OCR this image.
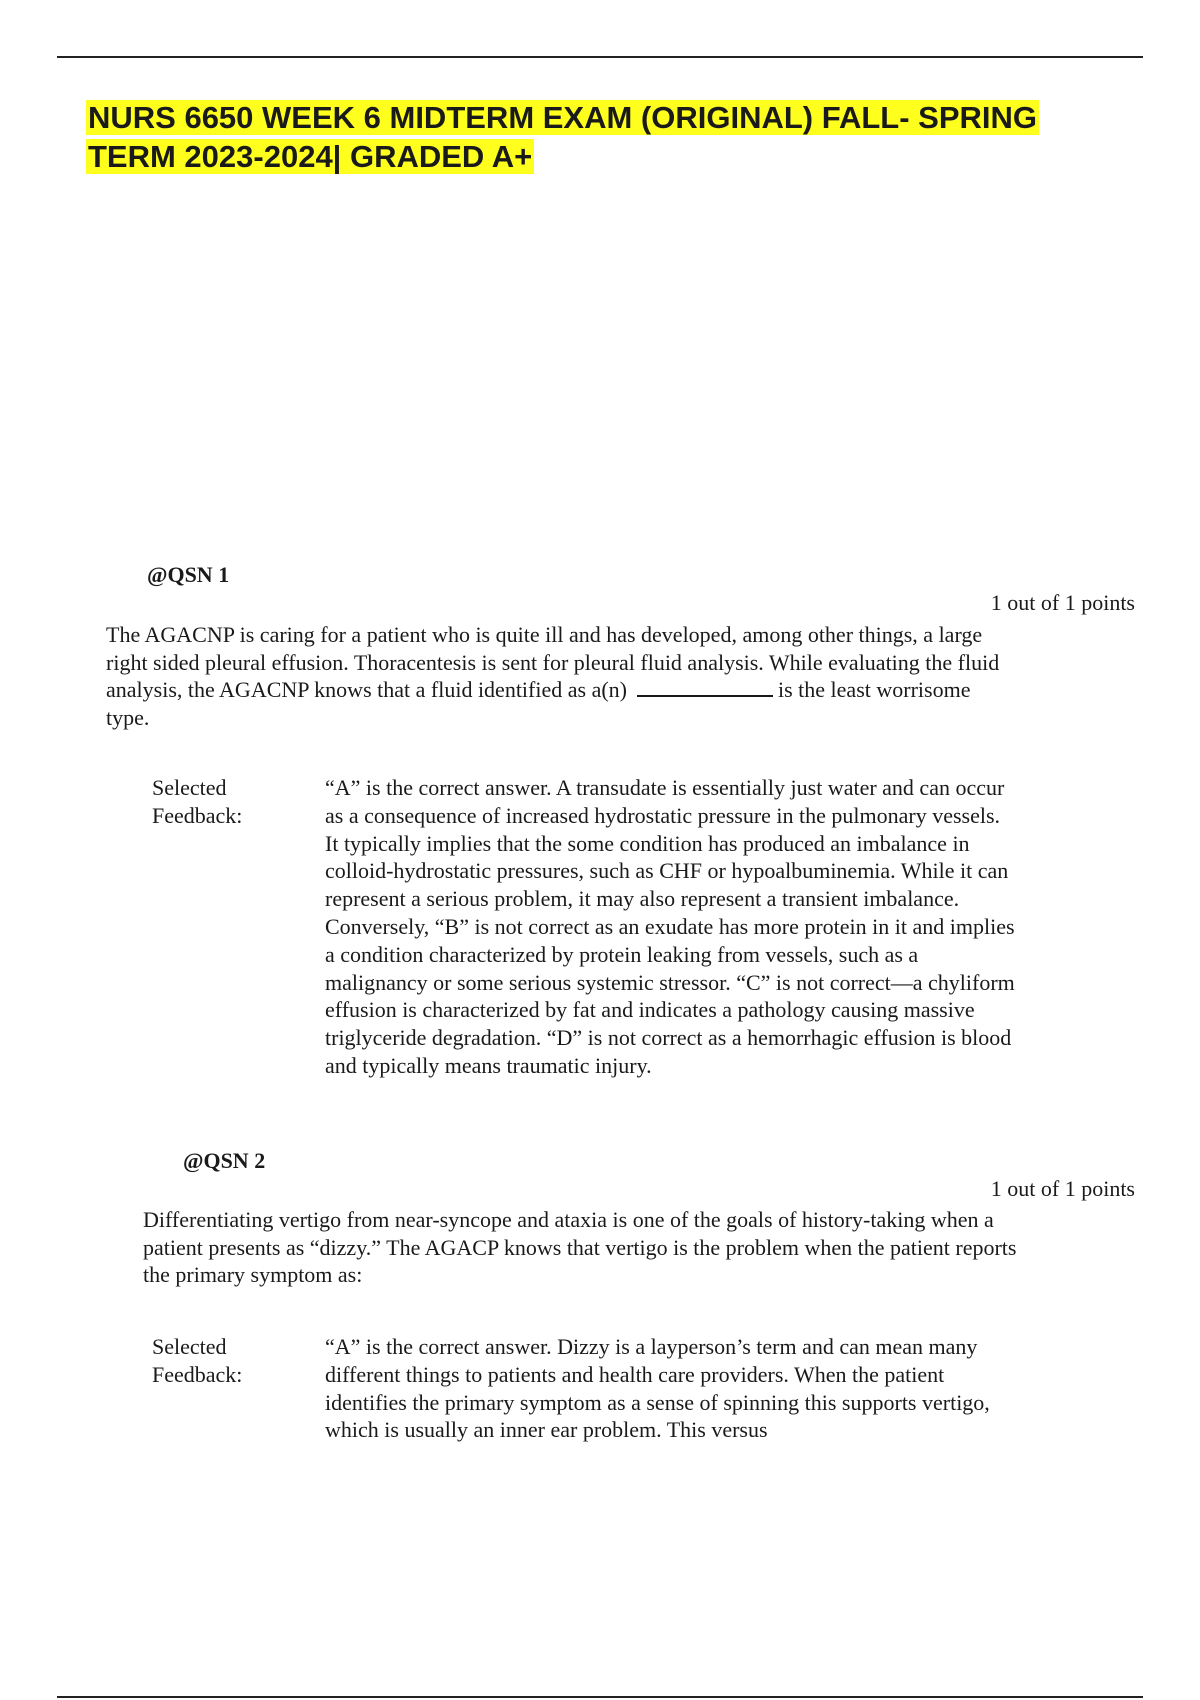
NURS 6650 WEEK 6 MIDTERM EXAM (ORIGINAL) FALL- SPRING
TERM 2023-2024| GRADED A+

@QSN 1

1 out of 1 points

The AGACNP is caring for a patient who is quite ill and has developed, among other things, a large right sided pleural effusion. Thoracentesis is sent for pleural fluid analysis. While evaluating the fluid analysis, the AGACNP knows that a fluid identified as a(n)	is the least worrisome type.

Selected
Feedback:

“A” is the correct answer. A transudate is essentially just water and can occur as a consequence of increased hydrostatic pressure in the pulmonary vessels. It typically implies that the some condition has produced an imbalance in colloid-hydrostatic pressures, such as CHF or hypoalbuminemia. While it can represent a serious problem, it may also represent a transient imbalance. Conversely, “B” is not correct as an exudate has more protein in it and implies a condition characterized by protein leaking from vessels, such as a malignancy or some serious systemic stressor. “C” is not correct—a chyliform effusion is characterized by fat and indicates a pathology causing massive triglyceride degradation. “D” is not correct as a hemorrhagic effusion is blood and typically means traumatic injury.

@QSN 2

1 out of 1 points

Differentiating vertigo from near-syncope and ataxia is one of the goals of history-taking when a patient presents as “dizzy.” The AGACP knows that vertigo is the problem when the patient reports the primary symptom as:

Selected
Feedback:

“A” is the correct answer. Dizzy is a layperson’s term and can mean many different things to patients and health care providers. When the patient identifies the primary symptom as a sense of spinning this supports vertigo, which is usually an inner ear problem. This versus
